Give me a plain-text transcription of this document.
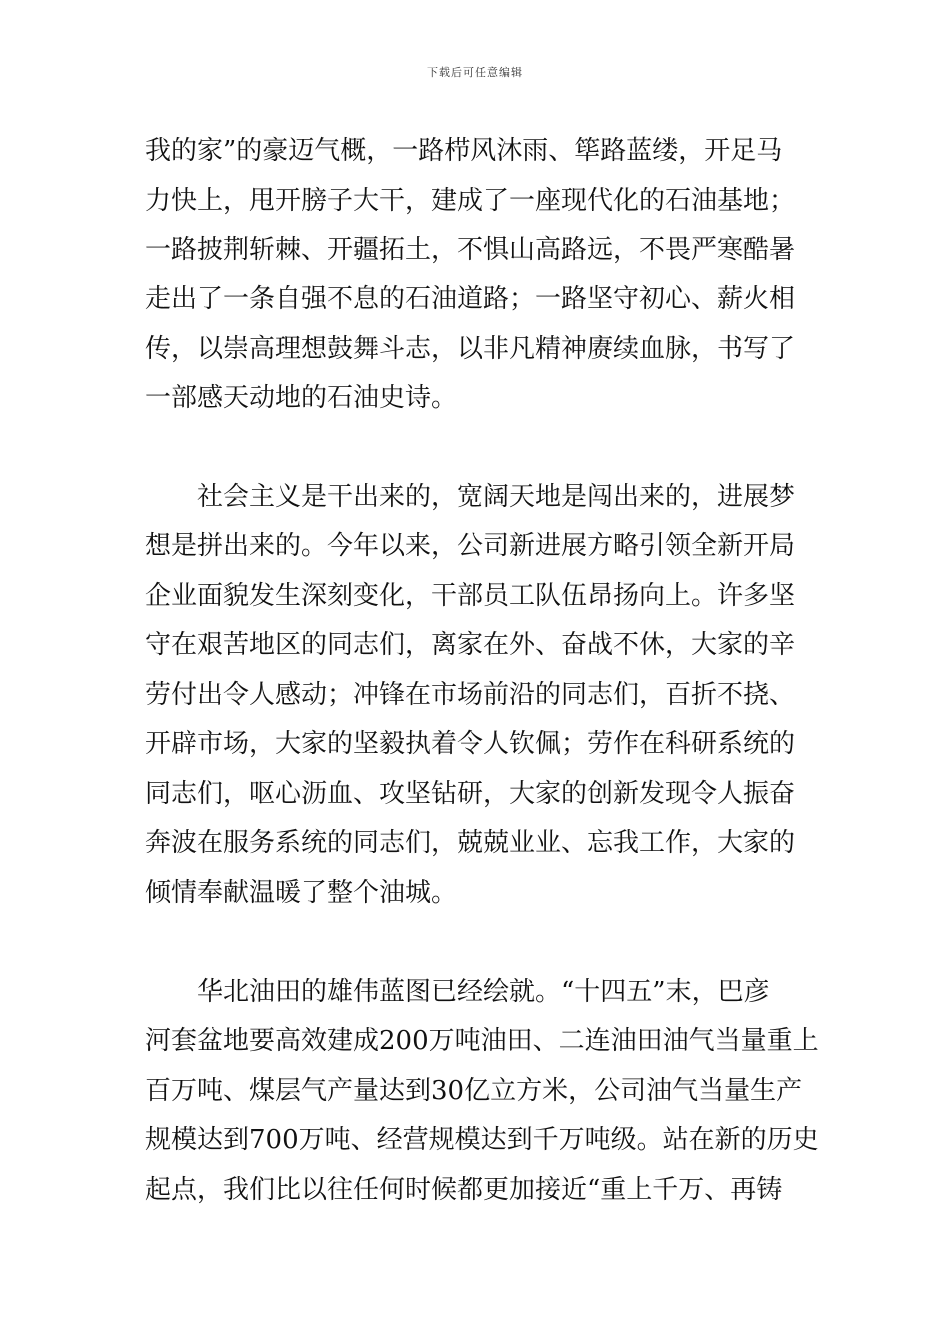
下载后可任意编辑
我的家”的豪迈气概，一路栉风沐雨、筚路蓝缕，开足马
力快上，甩开膀子大干，建成了一座现代化的石油基地；
一路披荆斩棘、开疆拓土，不惧山高路远，不畏严寒酷暑
走出了一条自强不息的石油道路；一路坚守初心、薪火相
传，以崇高理想鼓舞斗志，以非凡精神赓续血脉，书写了
一部感天动地的石油史诗。
社会主义是干出来的，宽阔天地是闯出来的，进展梦
想是拼出来的。今年以来，公司新进展方略引领全新开局
企业面貌发生深刻变化，干部员工队伍昂扬向上。许多坚
守在艰苦地区的同志们，离家在外、奋战不休，大家的辛
劳付出令人感动；冲锋在市场前沿的同志们，百折不挠、
开辟市场，大家的坚毅执着令人钦佩；劳作在科研系统的
同志们，呕心沥血、攻坚钻研，大家的创新发现令人振奋
奔波在服务系统的同志们，兢兢业业、忘我工作，大家的
倾情奉献温暖了整个油城。
华北油田的雄伟蓝图已经绘就。“十四五”末，巴彦
河套盆地要高效建成200万吨油田、二连油田油气当量重上
百万吨、煤层气产量达到30亿立方米，公司油气当量生产
规模达到700万吨、经营规模达到千万吨级。站在新的历史
起点，我们比以往任何时候都更加接近“重上千万、再铸
